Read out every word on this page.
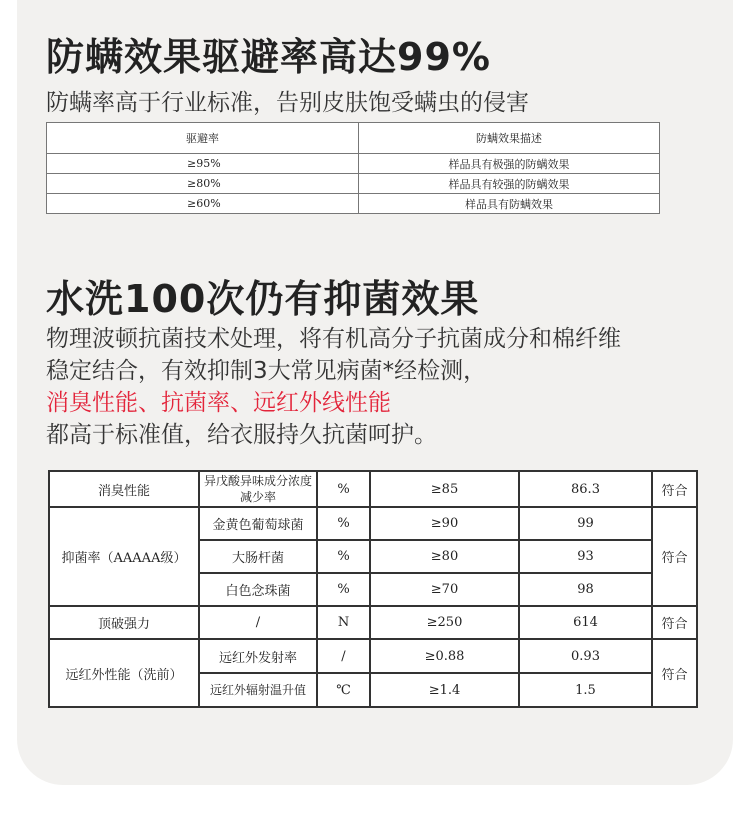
防螨效果驱避率高达99%

防螨率高于行业标准，告别皮肤饱受螨虫的侵害

驱避率	防螨效果描述
≥95%	样品具有极强的防螨效果
≥80%	样品具有较强的防螨效果
≥60%	样品具有防螨效果
水洗100次仍有抑菌效果
物理波顿抗菌技术处理，将有机高分子抗菌成分和棉纤维
稳定结合，有效抑制3大常见病菌*经检测，
消臭性能、抗菌率、远红外线性能
都高于标准值，给衣服持久抗菌呵护。
消臭性能	异戊酸异味成分浓度减少率	%	≥85	86.3	符合
抑菌率（AAAAA级）	金黄色葡萄球菌	%	≥90	99	符合
	大肠杆菌	%	≥80	93	
	白色念珠菌	%	≥70	98	
顶破强力	/	N	≥250	614	符合
远红外性能（洗前）	远红外发射率	/	≥0.88	0.93	符合
	远红外辐射温升值	℃	≥1.4	1.5	
